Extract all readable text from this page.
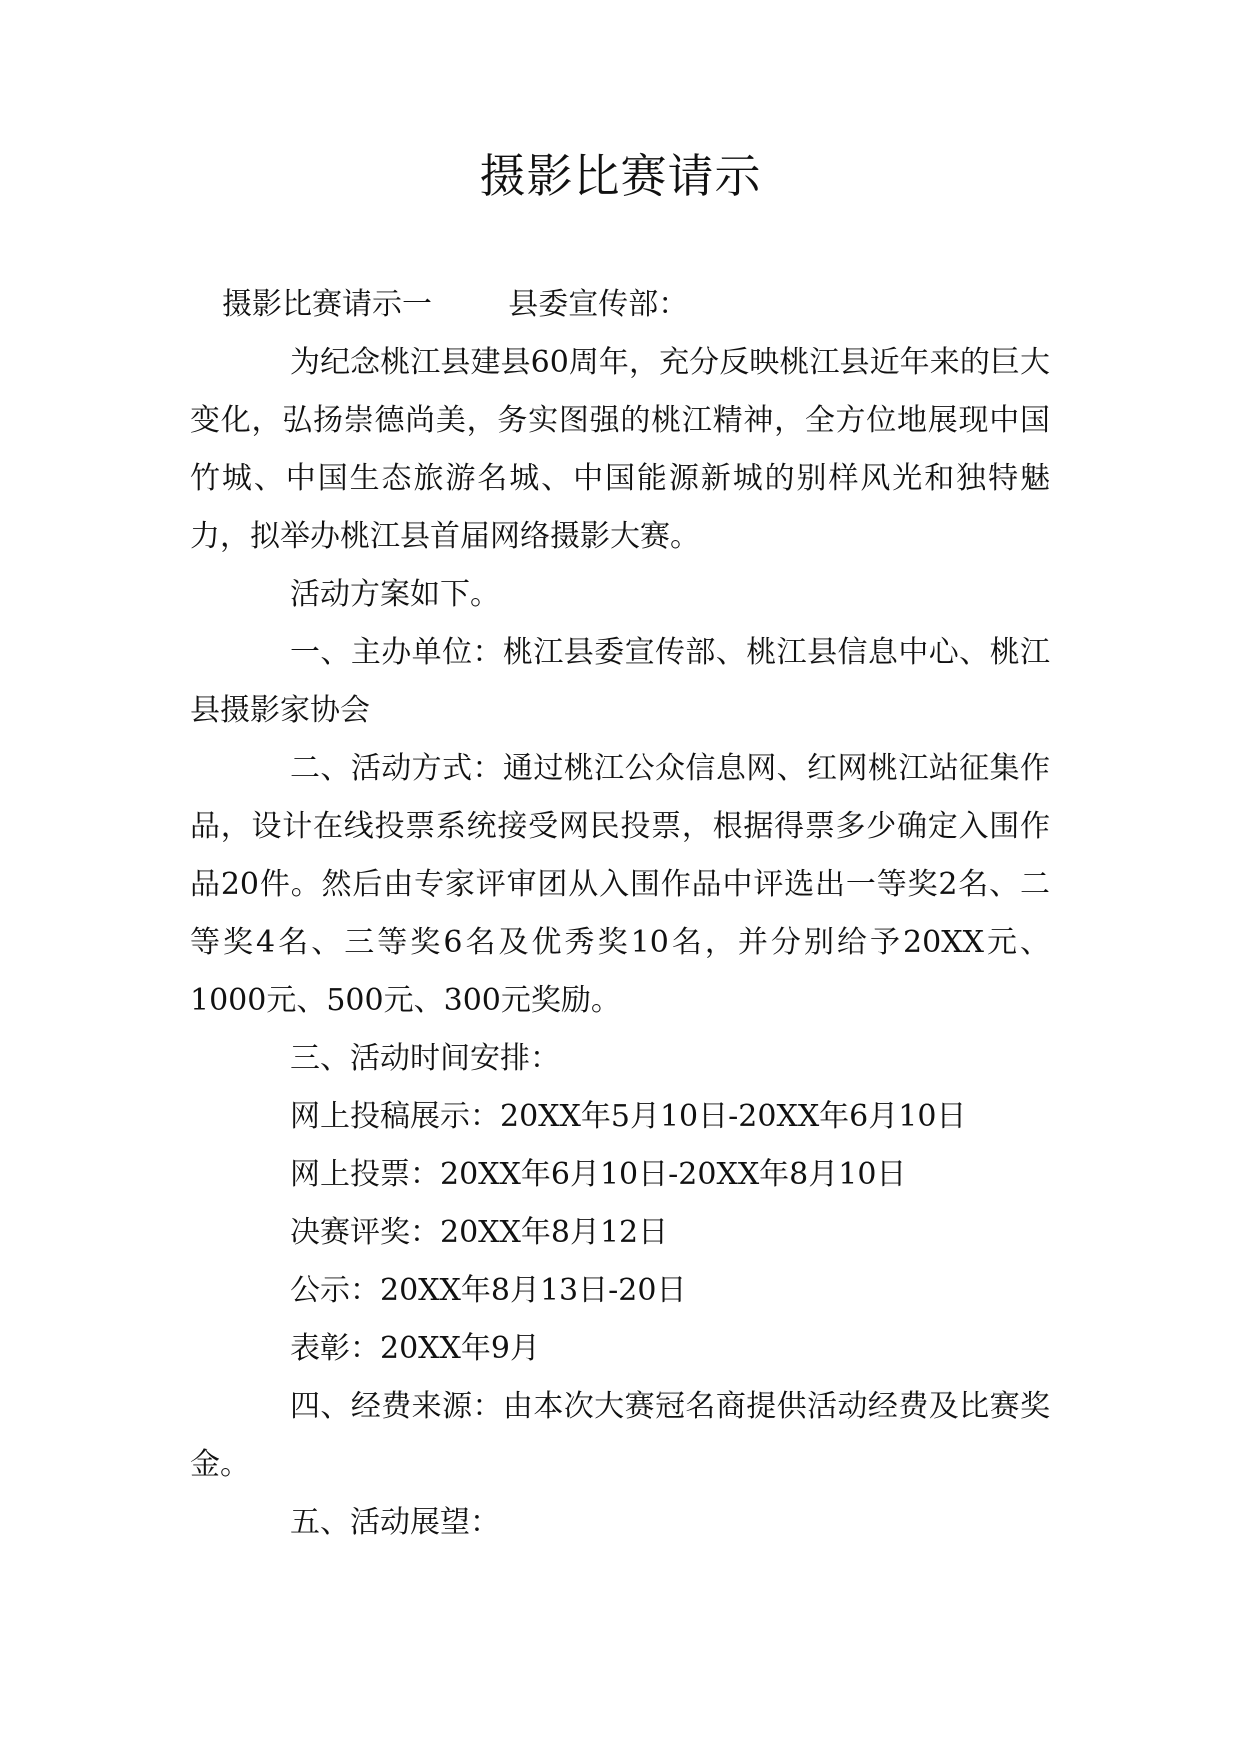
摄影比赛请示

摄影比赛请示一        县委宣传部：

为纪念桃江县建县60周年，充分反映桃江县近年来的巨大变化，弘扬崇德尚美，务实图强的桃江精神，全方位地展现中国竹城、中国生态旅游名城、中国能源新城的别样风光和独特魅力，拟举办桃江县首届网络摄影大赛。

活动方案如下。

一、主办单位：桃江县委宣传部、桃江县信息中心、桃江县摄影家协会

二、活动方式：通过桃江公众信息网、红网桃江站征集作品，设计在线投票系统接受网民投票，根据得票多少确定入围作品20件。然后由专家评审团从入围作品中评选出一等奖2名、二等奖4名、三等奖6名及优秀奖10名，并分别给予20XX元、1000元、500元、300元奖励。

三、活动时间安排：

网上投稿展示：20XX年5月10日-20XX年6月10日

网上投票：20XX年6月10日-20XX年8月10日

决赛评奖：20XX年8月12日

公示：20XX年8月13日-20日

表彰：20XX年9月

四、经费来源：由本次大赛冠名商提供活动经费及比赛奖金。

五、活动展望：
